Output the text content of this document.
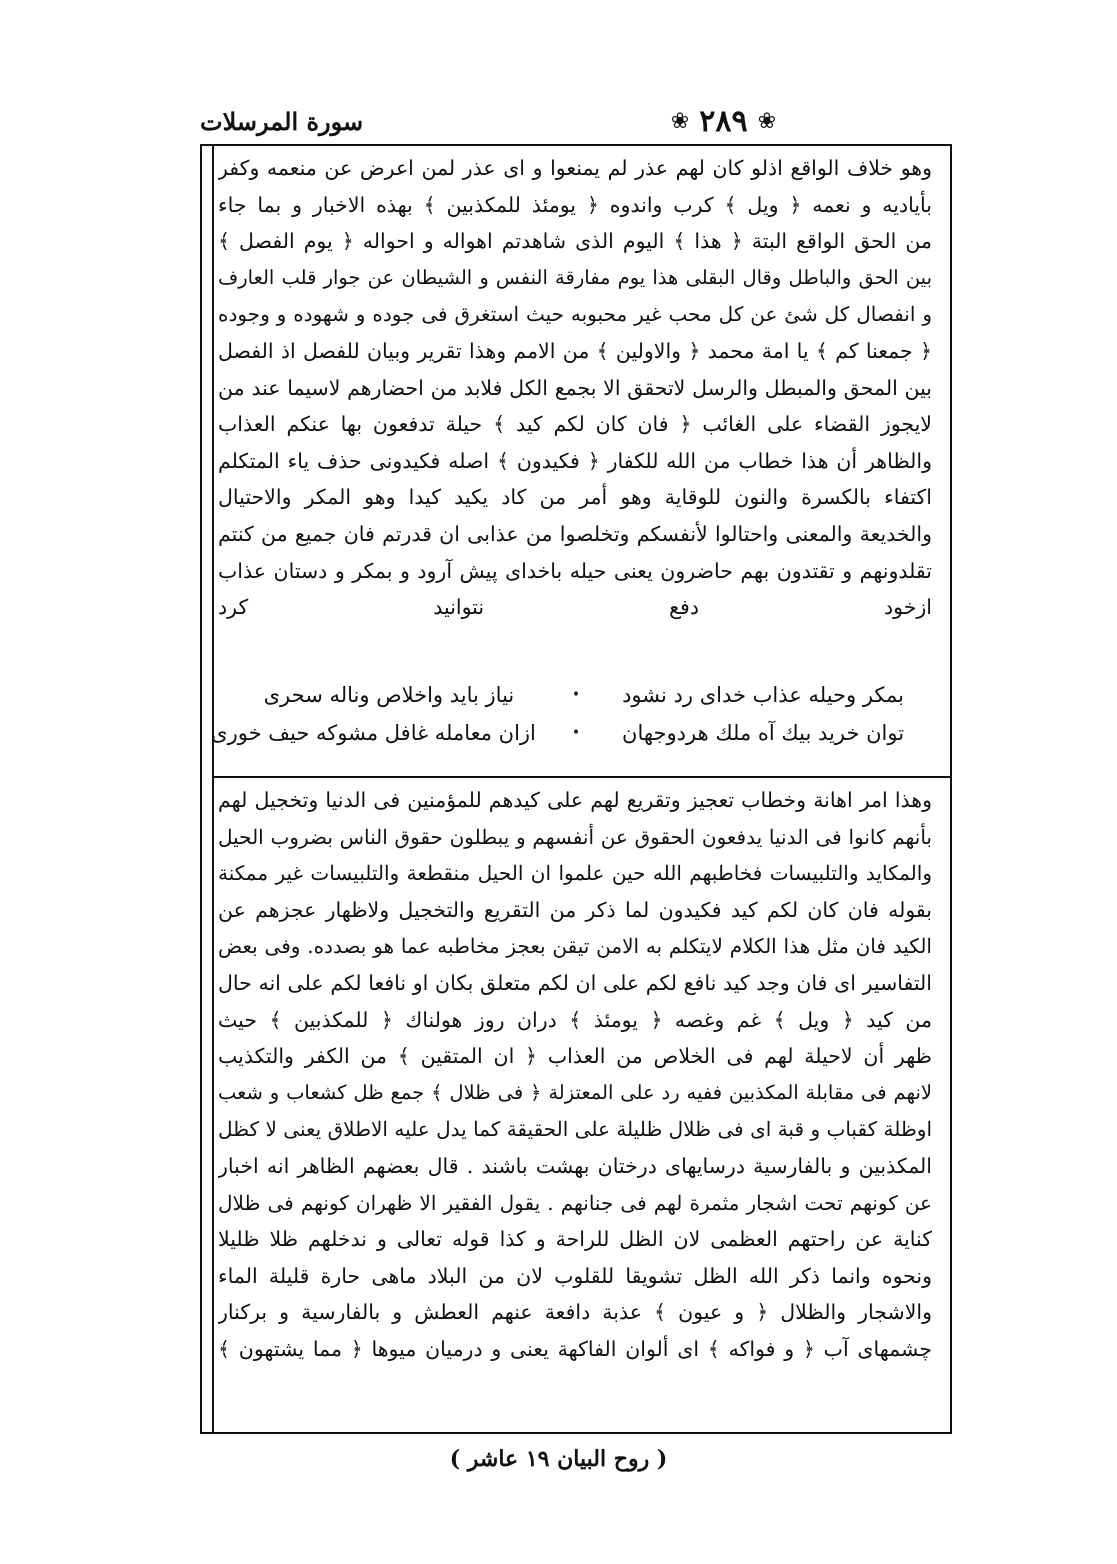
سورة المرسلات	❀ ٢٨٩ ❀
وهو خلاف الواقع اذلو كان لهم عذر لم يمنعوا و اى عذر لمن اعرض عن منعمه وكفر
بأياديه و نعمه ﴿ ويل ﴾ كرب واندوه ﴿ يومئذ للمكذبين ﴾ بهذه الاخبار و بما جاء
من الحق الواقع البتة ﴿ هذا ﴾ اليوم الذى شاهدتم اهواله و احواله ﴿ يوم الفصل ﴾
بين الحق والباطل وقال البقلى هذا يوم مفارقة النفس و الشيطان عن جوار قلب العارف
و انفصال كل شئ عن كل محب غير محبوبه حيث استغرق فى جوده و شهوده و وجوده
﴿ جمعنا كم ﴾ يا امة محمد ﴿ والاولين ﴾ من الامم وهذا تقرير وبيان للفصل اذ الفصل
بين المحق والمبطل والرسل لاتحقق الا بجمع الكل فلابد من احضارهم لاسيما عند من
لايجوز القضاء على الغائب ﴿ فان كان لكم كيد ﴾ حيلة تدفعون بها عنكم العذاب
والظاهر أن هذا خطاب من الله للكفار ﴿ فكيدون ﴾ اصله فكيدونى حذف ياء المتكلم
اكتفاء بالكسرة والنون للوقاية وهو أمر من كاد يكيد كيدا وهو المكر والاحتيال
والخديعة والمعنى واحتالوا لأنفسكم وتخلصوا من عذابى ان قدرتم فان جميع من كنتم
تقلدونهم و تقتدون بهم حاضرون يعنى حيله باخداى پيش آرود و بمكر و دستان عذاب
ازخود دفع نتوانيد كرد
بمكر وحيله عذاب خداى رد نشود
•
نياز بايد واخلاص وناله سحرى
توان خريد بيك آه ملك هردوجهان
•
ازان معامله غافل مشوكه حيف خورى
وهذا امر اهانة وخطاب تعجيز وتقريع لهم على كيدهم للمؤمنين فى الدنيا وتخجيل لهم
بأنهم كانوا فى الدنيا يدفعون الحقوق عن أنفسهم و يبطلون حقوق الناس بضروب الحيل
والمكايد والتلبيسات فخاطبهم الله حين علموا ان الحيل منقطعة والتلبيسات غير ممكنة
بقوله فان كان لكم كيد فكيدون لما ذكر من التقريع والتخجيل ولاظهار عجزهم عن
الكيد فان مثل هذا الكلام لايتكلم به الامن تيقن بعجز مخاطبه عما هو بصدده. وفى بعض
التفاسير اى فان وجد كيد نافع لكم على ان لكم متعلق بكان او نافعا لكم على انه حال
من كيد ﴿ ويل ﴾ غم وغصه ﴿ يومئذ ﴾ دران روز هولناك ﴿ للمكذبين ﴾ حيث
ظهر أن لاحيلة لهم فى الخلاص من العذاب ﴿ ان المتقين ﴾ من الكفر والتكذيب
لانهم فى مقابلة المكذبين ففيه رد على المعتزلة ﴿ فى ظلال ﴾ جمع ظل كشعاب و شعب
اوظلة كقباب و قبة اى فى ظلال ظليلة على الحقيقة كما يدل عليه الاطلاق يعنى لا كظل
المكذبين و بالفارسية درسايهاى درختان بهشت باشند . قال بعضهم الظاهر انه اخبار
عن كونهم تحت اشجار مثمرة لهم فى جنانهم . يقول الفقير الا ظهران كونهم فى ظلال
كناية عن راحتهم العظمى لان الظل للراحة و كذا قوله تعالى و ندخلهم ظلا ظليلا
ونحوه وانما ذكر الله الظل تشويقا للقلوب لان من البلاد ماهى حارة قليلة الماء
والاشجار والظلال ﴿ و عيون ﴾ عذبة دافعة عنهم العطش و بالفارسية و بركنار
چشمهاى آب ﴿ و فواكه ﴾ اى ألوان الفاكهة يعنى و درميان ميوها ﴿ مما يشتهون ﴾
( روح البيان ١٩ عاشر )
